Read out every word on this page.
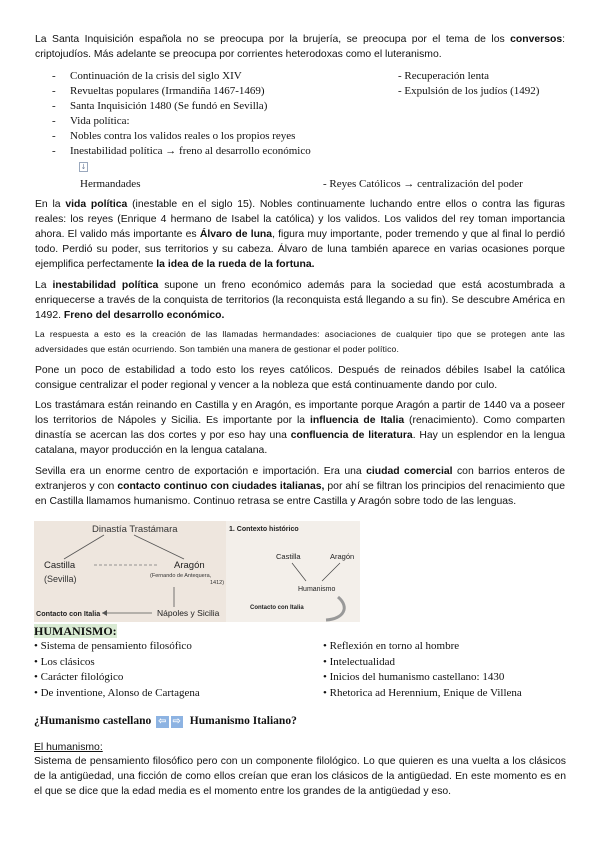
La Santa Inquisición española no se preocupa por la brujería, se preocupa por el tema de los conversos: criptojudíos. Más adelante se preocupa por corrientes heterodoxas como el luteranismo.

- Continuación de la crisis del siglo XIV
- Revueltas populares (Irmandiña 1467-1469)
- Santa Inquisición 1480 (Se fundó en Sevilla)
- Vida política:
- Nobles contra los validos reales o los propios reyes
- Inestabilidad política → freno al desarrollo económico
- Recuperación lenta
- Expulsión de los judíos (1492)
↓
Hermandades	- Reyes Católicos → centralización del poder

En la vida política (inestable en el siglo 15). Nobles continuamente luchando entre ellos o contra las figuras reales: los reyes (Enrique 4 hermano de Isabel la católica) y los validos. Los validos del rey toman importancia ahora. El valido más importante es Álvaro de luna, figura muy importante, poder tremendo y que al final lo perdió todo. Perdió su poder, sus territorios y su cabeza. Álvaro de luna también aparece en varias ocasiones porque ejemplifica perfectamente la idea de la rueda de la fortuna.

La inestabilidad política supone un freno económico además para la sociedad que está acostumbrada a enriquecerse a través de la conquista de territorios (la reconquista está llegando a su fin). Se descubre América en 1492. Freno del desarrollo económico.

La respuesta a esto es la creación de las llamadas hermandades: asociaciones de cualquier tipo que se protegen ante las adversidades que están ocurriendo. Son también una manera de gestionar el poder político.

Pone un poco de estabilidad a todo esto los reyes católicos. Después de reinados débiles Isabel la católica consigue centralizar el poder regional y vencer a la nobleza que está continuamente dando por culo.

Los trastámara están reinando en Castilla y en Aragón, es importante porque Aragón a partir de 1440 va a poseer los territorios de Nápoles y Sicilia. Es importante por la influencia de Italia (renacimiento). Como comparten dinastía se acercan las dos cortes y por eso hay una confluencia de literatura. Hay un esplendor en la lengua catalana, mayor producción en la lengua catalana.

Sevilla era un enorme centro de exportación e importación. Era una ciudad comercial con barrios enteros de extranjeros y con contacto continuo con ciudades italianas, por ahí se filtran los principios del renacimiento que en Castilla llamamos humanismo. Continuo retrasa se entre Castilla y Aragón sobre todo de las lenguas.

Dinastía Trastámara
Castilla	Aragón
(Sevilla)	(Fernando de Antequera,
1412)
Contacto con Italia	Nápoles y Sicilia
1. Contexto histórico
Castilla	Aragón
Humanismo
Contacto con Italia
HUMANISMO:
• Sistema de pensamiento filosófico
• Los clásicos
• Carácter filológico
• De inventione, Alonso de Cartagena
• Reflexión en torno al hombre
• Intelectualidad
• Inicios del humanismo castellano: 1430
• Rhetorica ad Herennium, Enique de Villena
¿Humanismo castellano ⇦ ⇨ Humanismo Italiano?
El humanismo:

Sistema de pensamiento filosófico pero con un componente filológico. Lo que quieren es una vuelta a los clásicos de la antigüedad, una ficción de como ellos creían que eran los clásicos de la antigüedad. En este momento es en el que se dice que la edad media es el momento entre los grandes de la antigüedad y eso.
